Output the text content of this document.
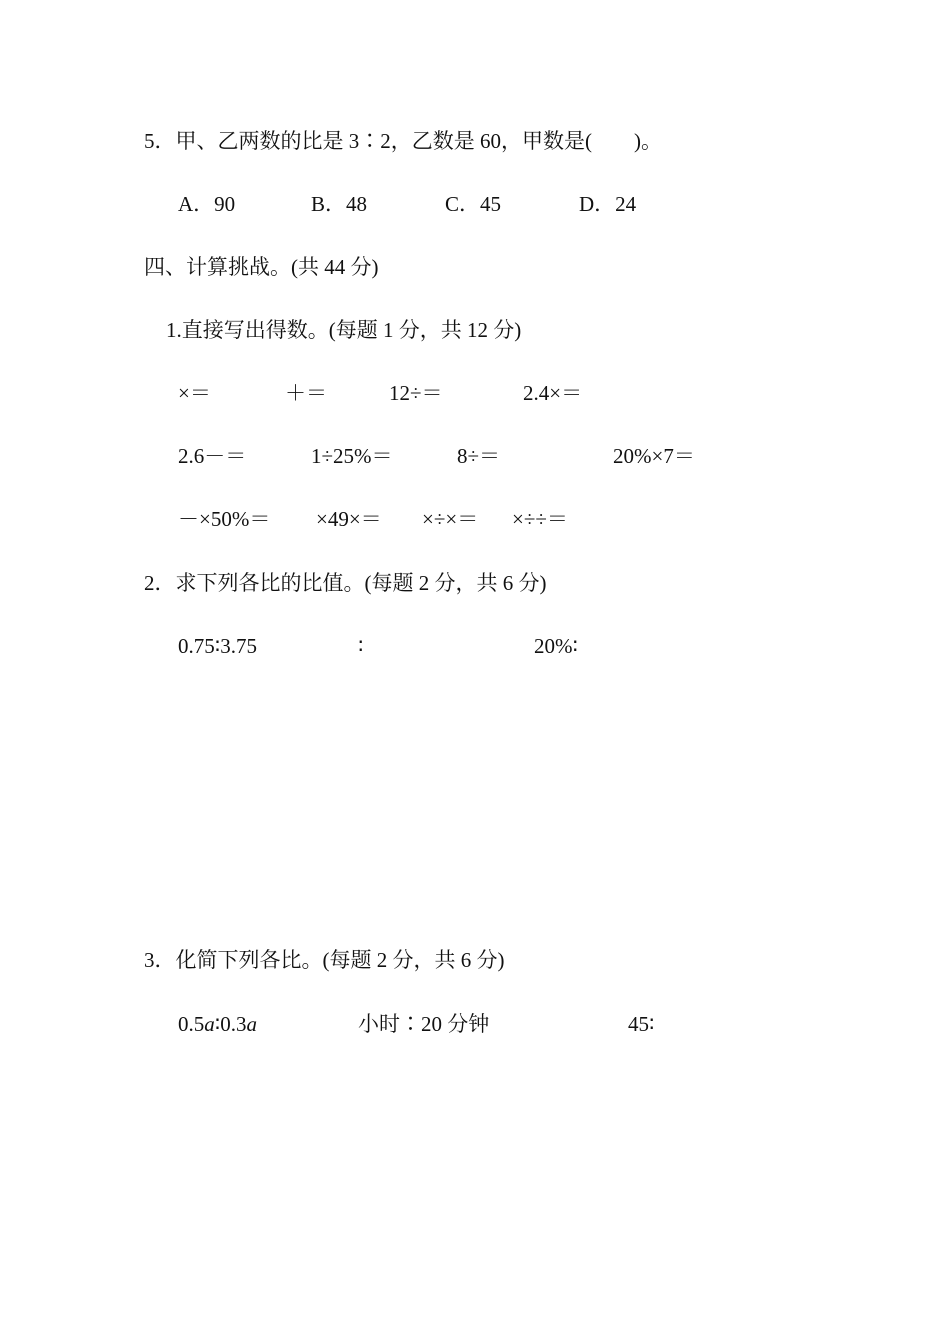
5．甲、乙两数的比是 3∶2，乙数是 60，甲数是(　　)。
A．90	B．48	C．45	D．24
四、计算挑战。(共 44 分)
1.直接写出得数。(每题 1 分，共 12 分)
×＝	＋＝	12÷＝	2.4×＝
2.6－＝	1÷25%＝	8÷＝	20%×7＝
－×50%＝ ×49×＝ ×÷×＝ ×÷÷＝
2．求下列各比的比值。(每题 2 分，共 6 分)
0.75∶3.75	∶	20%∶
3．化简下列各比。(每题 2 分，共 6 分)
0.5a∶0.3a	小时∶20 分钟	45∶
